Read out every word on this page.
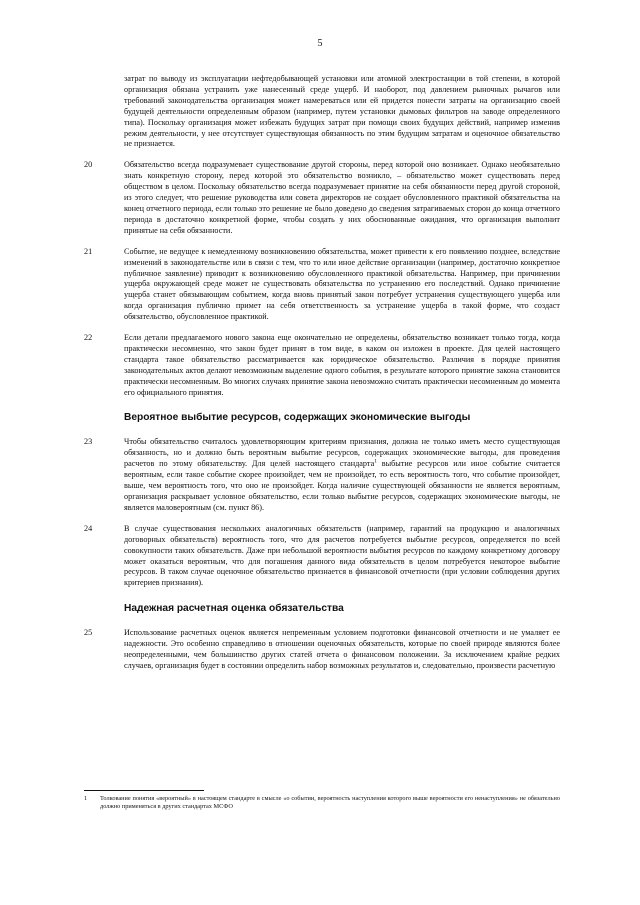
5

затрат по выводу из эксплуатации нефтедобывающей установки или атомной электростанции в той степени, в которой организация обязана устранить уже нанесенный среде ущерб. И наоборот, под давлением рыночных рычагов или требований законодательства организация может намереваться или ей придется понести затраты на организацию своей будущей деятельности определенным образом (например, путем установки дымовых фильтров на заводе определенного типа). Поскольку организация может избежать будущих затрат при помощи своих будущих действий, например изменив режим деятельности, у нее отсутствует существующая обязанность по этим будущим затратам и оценочное обязательство не признается.

20	Обязательство всегда подразумевает существование другой стороны, перед которой оно возникает. Однако необязательно знать конкретную сторону, перед которой это обязательство возникло, – обязательство может существовать перед обществом в целом. Поскольку обязательство всегда подразумевает принятие на себя обязанности перед другой стороной, из этого следует, что решение руководства или совета директоров не создает обусловленного практикой обязательства на конец отчетного периода, если только это решение не было доведено до сведения затрагиваемых сторон до конца отчетного периода в достаточно конкретной форме, чтобы создать у них обоснованные ожидания, что организация выполнит принятые на себя обязанности.

21	Событие, не ведущее к немедленному возникновению обязательства, может привести к его появлению позднее, вследствие изменений в законодательстве или в связи с тем, что то или иное действие организации (например, достаточно конкретное публичное заявление) приводит к возникновению обусловленного практикой обязательства. Например, при причинении ущерба окружающей среде может не существовать обязательства по устранению его последствий. Однако причинение ущерба станет обязывающим событием, когда вновь принятый закон потребует устранения существующего ущерба или когда организация публично примет на себя ответственность за устранение ущерба в такой форме, что создаст обязательство, обусловленное практикой.

22	Если детали предлагаемого нового закона еще окончательно не определены, обязательство возникает только тогда, когда практически несомненно, что закон будет принят в том виде, в каком он изложен в проекте. Для целей настоящего стандарта такое обязательство рассматривается как юридическое обязательство. Различия в порядке принятия законодательных актов делают невозможным выделение одного события, в результате которого принятие закона становится практически несомненным. Во многих случаях принятие закона невозможно считать практически несомненным до момента его официального принятия.

Вероятное выбытие ресурсов, содержащих экономические выгоды

23	Чтобы обязательство считалось удовлетворяющим критериям признания, должна не только иметь место существующая обязанность, но и должно быть вероятным выбытие ресурсов, содержащих экономические выгоды, для проведения расчетов по этому обязательству. Для целей настоящего стандарта$^1$ выбытие ресурсов или иное событие считается вероятным, если такое событие скорее произойдет, чем не произойдет, то есть вероятность того, что событие произойдет, выше, чем вероятность того, что оно не произойдет. Когда наличие существующей обязанности не является вероятным, организация раскрывает условное обязательство, если только выбытие ресурсов, содержащих экономические выгоды, не является маловероятным (см. пункт 86).

24	В случае существования нескольких аналогичных обязательств (например, гарантий на продукцию и аналогичных договорных обязательств) вероятность того, что для расчетов потребуется выбытие ресурсов, определяется по всей совокупности таких обязательств. Даже при небольшой вероятности выбытия ресурсов по каждому конкретному договору может оказаться вероятным, что для погашения данного вида обязательств в целом потребуется некоторое выбытие ресурсов. В таком случае оценочное обязательство признается в финансовой отчетности (при условии соблюдения других критериев признания).

Надежная расчетная оценка обязательства

25	Использование расчетных оценок является непременным условием подготовки финансовой отчетности и не умаляет ее надежности. Это особенно справедливо в отношении оценочных обязательств, которые по своей природе являются более неопределенными, чем большинство других статей отчета о финансовом положении. За исключением крайне редких случаев, организация будет в состоянии определить набор возможных результатов и, следовательно, произвести расчетную

1 Толкование понятия «вероятный» в настоящем стандарте в смысле «о событии, вероятность наступления которого выше вероятности его ненаступления» не обязательно должно применяться в других стандартах МСФО
